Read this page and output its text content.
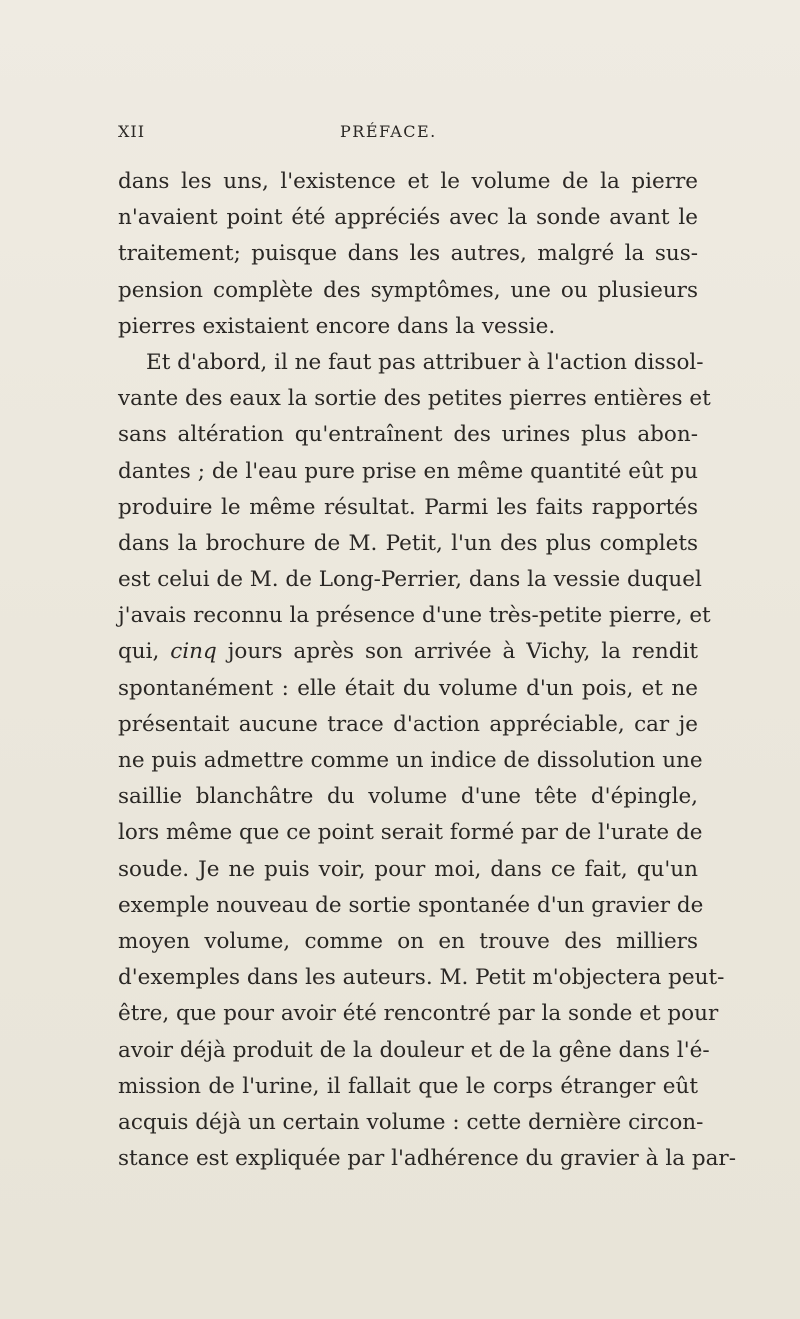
XII	PRÉFACE.
dans les uns, l'existence et le volume de la pierre
n'avaient point été appréciés avec la sonde avant le
traitement; puisque dans les autres, malgré la sus-
pension complète des symptômes, une ou plusieurs
pierres existaient encore dans la vessie.
Et d'abord, il ne faut pas attribuer à l'action dissol-
vante des eaux la sortie des petites pierres entières et
sans altération qu'entraînent des urines plus abon-
dantes ; de l'eau pure prise en même quantité eût pu
produire le même résultat. Parmi les faits rapportés
dans la brochure de M. Petit, l'un des plus complets
est celui de M. de Long-Perrier, dans la vessie duquel
j'avais reconnu la présence d'une très-petite pierre, et
qui, cinq jours après son arrivée à Vichy, la rendit
spontanément : elle était du volume d'un pois, et ne
présentait aucune trace d'action appréciable, car je
ne puis admettre comme un indice de dissolution une
saillie blanchâtre du volume d'une tête d'épingle,
lors même que ce point serait formé par de l'urate de
soude. Je ne puis voir, pour moi, dans ce fait, qu'un
exemple nouveau de sortie spontanée d'un gravier de
moyen volume, comme on en trouve des milliers
d'exemples dans les auteurs. M. Petit m'objectera peut-
être, que pour avoir été rencontré par la sonde et pour
avoir déjà produit de la douleur et de la gêne dans l'é-
mission de l'urine, il fallait que le corps étranger eût
acquis déjà un certain volume : cette dernière circon-
stance est expliquée par l'adhérence du gravier à la par-
